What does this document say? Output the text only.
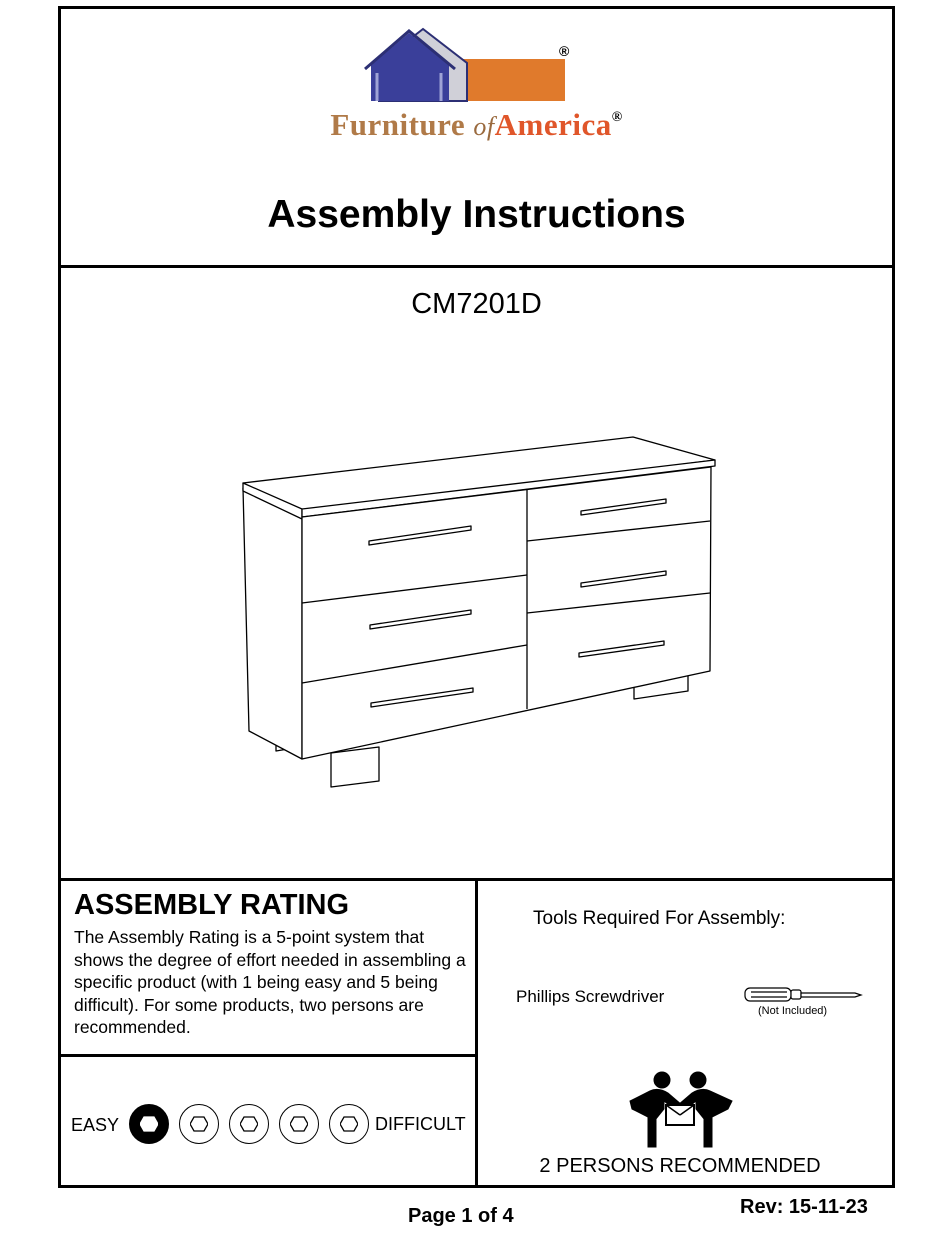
®
Furniture ofAmerica®
Assembly Instructions
CM7201D
ASSEMBLY RATING
The Assembly Rating is a 5-point system that shows the degree of effort needed in assembling a specific product (with 1 being easy and 5 being difficult). For some products, two persons are recommended.
EASY	DIFFICULT
Tools Required For Assembly:
Phillips Screwdriver
(Not Included)
2 PERSONS RECOMMENDED
Page 1 of 4	Rev: 15-11-23
